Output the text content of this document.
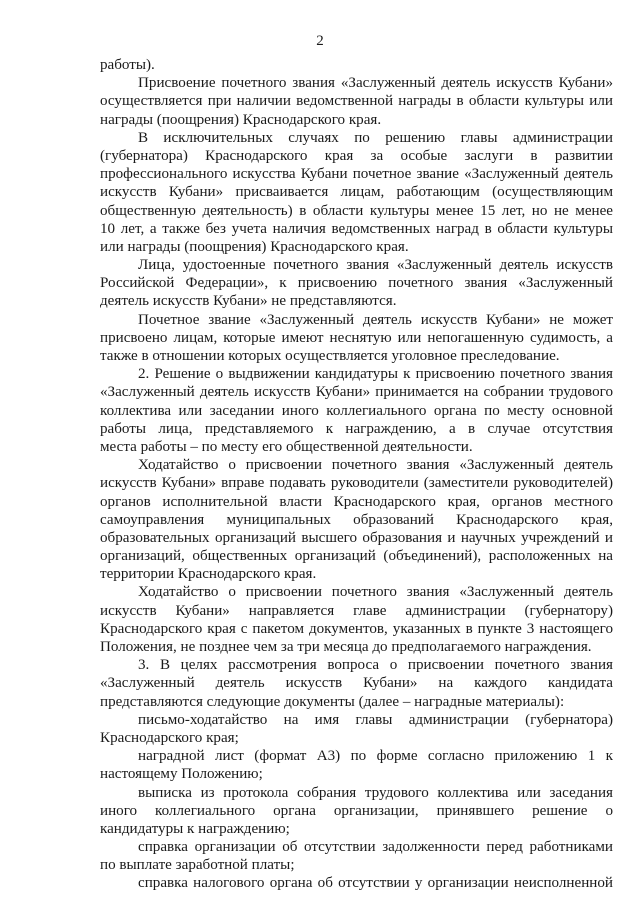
2
работы).
Присвоение почетного звания «Заслуженный деятель искусств Кубани»
осуществляется при наличии ведомственной награды в области культуры или
награды (поощрения) Краснодарского края.
В исключительных случаях по решению главы администрации
(губернатора) Краснодарского края за особые заслуги в развитии
профессионального искусства Кубани почетное звание «Заслуженный деятель
искусств Кубани» присваивается лицам, работающим (осуществляющим
общественную деятельность) в области культуры менее 15 лет, но не менее
10 лет, а также без учета наличия ведомственных наград в области культуры
или награды (поощрения) Краснодарского края.
Лица, удостоенные почетного звания «Заслуженный деятель искусств
Российской Федерации», к присвоению почетного звания «Заслуженный
деятель искусств Кубани» не представляются.
Почетное звание «Заслуженный деятель искусств Кубани» не может
присвоено лицам, которые имеют неснятую или непогашенную судимость, а
также в отношении которых осуществляется уголовное преследование.
2. Решение о выдвижении кандидатуры к присвоению почетного звания
«Заслуженный деятель искусств Кубани» принимается на собрании трудового
коллектива или заседании иного коллегиального органа по месту основной
работы лица, представляемого к награждению, а в случае отсутствия
места работы – по месту его общественной деятельности.
Ходатайство о присвоении почетного звания «Заслуженный деятель
искусств Кубани» вправе подавать руководители (заместители руководителей)
органов исполнительной власти Краснодарского края, органов местного
самоуправления муниципальных образований Краснодарского края,
образовательных организаций высшего образования и научных учреждений и
организаций, общественных организаций (объединений), расположенных на
территории Краснодарского края.
Ходатайство о присвоении почетного звания «Заслуженный деятель
искусств Кубани» направляется главе администрации (губернатору)
Краснодарского края с пакетом документов, указанных в пункте 3 настоящего
Положения, не позднее чем за три месяца до предполагаемого награждения.
3. В целях рассмотрения вопроса о присвоении почетного звания
«Заслуженный деятель искусств Кубани» на каждого кандидата
представляются следующие документы (далее – наградные материалы):
письмо-ходатайство на имя главы администрации (губернатора)
Краснодарского края;
наградной лист (формат А3) по форме согласно приложению 1 к
настоящему Положению;
выписка из протокола собрания трудового коллектива или заседания
иного коллегиального органа организации, принявшего решение о
кандидатуры к награждению;
справка организации об отсутствии задолженности перед работниками
по выплате заработной платы;
справка налогового органа об отсутствии у организации неисполненной
